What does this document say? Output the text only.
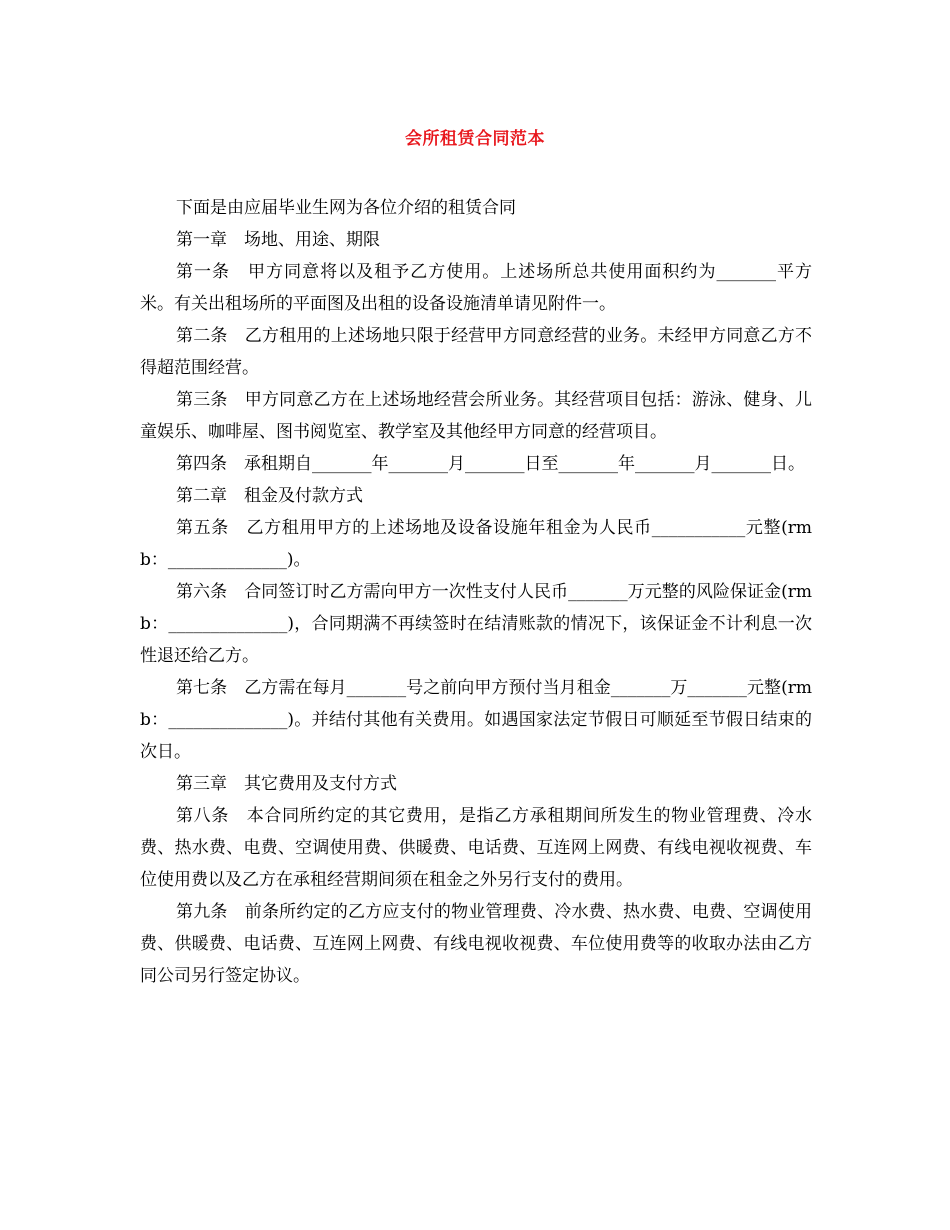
会所租赁合同范本

下面是由应届毕业生网为各位介绍的租赁合同

第一章　场地、用途、期限

第一条　甲方同意将以及租予乙方使用。上述场所总共使用面积约为_______平方米。有关出租场所的平面图及出租的设备设施清单请见附件一。

第二条　乙方租用的上述场地只限于经营甲方同意经营的业务。未经甲方同意乙方不得超范围经营。

第三条　甲方同意乙方在上述场地经营会所业务。其经营项目包括：游泳、健身、儿童娱乐、咖啡屋、图书阅览室、教学室及其他经甲方同意的经营项目。

第四条　承租期自_______年_______月_______日至_______年_______月_______日。

第二章　租金及付款方式

第五条　乙方租用甲方的上述场地及设备设施年租金为人民币___________元整(rmb：______________)。

第六条　合同签订时乙方需向甲方一次性支付人民币_______万元整的风险保证金(rmb：______________)，合同期满不再续签时在结清账款的情况下，该保证金不计利息一次性退还给乙方。

第七条　乙方需在每月_______号之前向甲方预付当月租金_______万_______元整(rmb：______________)。并结付其他有关费用。如遇国家法定节假日可顺延至节假日结束的次日。

第三章　其它费用及支付方式

第八条　本合同所约定的其它费用，是指乙方承租期间所发生的物业管理费、冷水费、热水费、电费、空调使用费、供暖费、电话费、互连网上网费、有线电视收视费、车位使用费以及乙方在承租经营期间须在租金之外另行支付的费用。

第九条　前条所约定的乙方应支付的物业管理费、冷水费、热水费、电费、空调使用费、供暖费、电话费、互连网上网费、有线电视收视费、车位使用费等的收取办法由乙方同公司另行签定协议。
